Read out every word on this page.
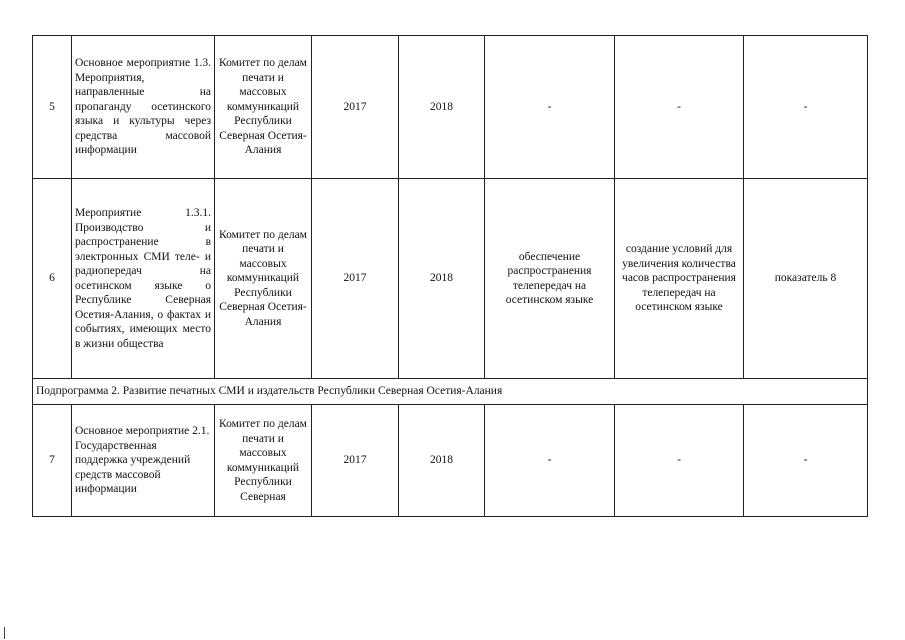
5	Основное мероприятие 1.3. Мероприятия, направленные на пропаганду осетинского языка и культуры через средства массовой информации	Комитет по делам печати и массовых коммуникаций Республики Северная Осетия-Алания	2017	2018	-	-	-
6	Мероприятие 1.3.1. Производство и распространение в электронных СМИ теле- и радиопередач на осетинском языке о Республике Северная Осетия-Алания, о фактах и событиях, имеющих место в жизни общества	Комитет по делам печати и массовых коммуникаций Республики Северная Осетия-Алания	2017	2018	обеспечение распространения телепередач на осетинском языке	создание условий для увеличения количества часов распространения телепередач на осетинском языке	показатель 8
Подпрограмма 2. Развитие печатных СМИ и издательств Республики Северная Осетия-Алания							
7	Основное мероприятие 2.1. Государственная поддержка учреждений средств массовой информации	Комитет по делам печати и массовых коммуникаций Республики Северная	2017	2018	-	-	-
